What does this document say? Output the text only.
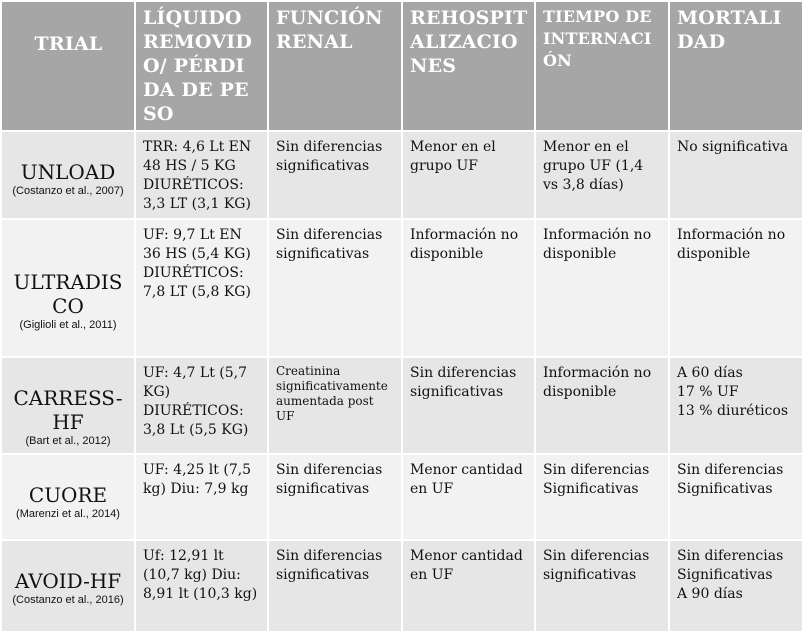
TRIAL	LÍQUIDO REMOVIDO/ PÉRDIDA DE PESO	FUNCIÓN RENAL	REHOSPITALIZACIONES	TIEMPO DE INTERNACIÓN	MORTALIDAD

UNLOAD
(Costanzo et al., 2007)	TRR: 4,6 Lt EN 48 HS / 5 KG DIURÉTICOS: 3,3 LT (3,1 KG)	Sin diferencias significativas	Menor en el grupo UF	Menor en el grupo UF (1,4 vs 3,8 días)	No significativa

ULTRADISCO
(Giglioli et al., 2011)	UF: 9,7 Lt EN 36 HS (5,4 KG) DIURÉTICOS: 7,8 LT (5,8 KG)	Sin diferencias significativas	Información no disponible	Información no disponible	Información no disponible

CARRESS-HF
(Bart et al., 2012)	UF: 4,7 Lt (5,7 KG) DIURÉTICOS: 3,8 Lt (5,5 KG)	Creatinina significativamente aumentada post UF	Sin diferencias significativas	Información no disponible	A 60 días
17 % UF
13 % diuréticos

CUORE
(Marenzi et al., 2014)	UF: 4,25 lt (7,5 kg) Diu: 7,9 kg	Sin diferencias significativas	Menor cantidad en UF	Sin diferencias Significativas	Sin diferencias Significativas

AVOID-HF
(Costanzo et al., 2016)	Uf: 12,91 lt (10,7 kg) Diu: 8,91 lt (10,3 kg)	Sin diferencias significativas	Menor cantidad en UF	Sin diferencias significativas	Sin diferencias Significativas
A 90 días
